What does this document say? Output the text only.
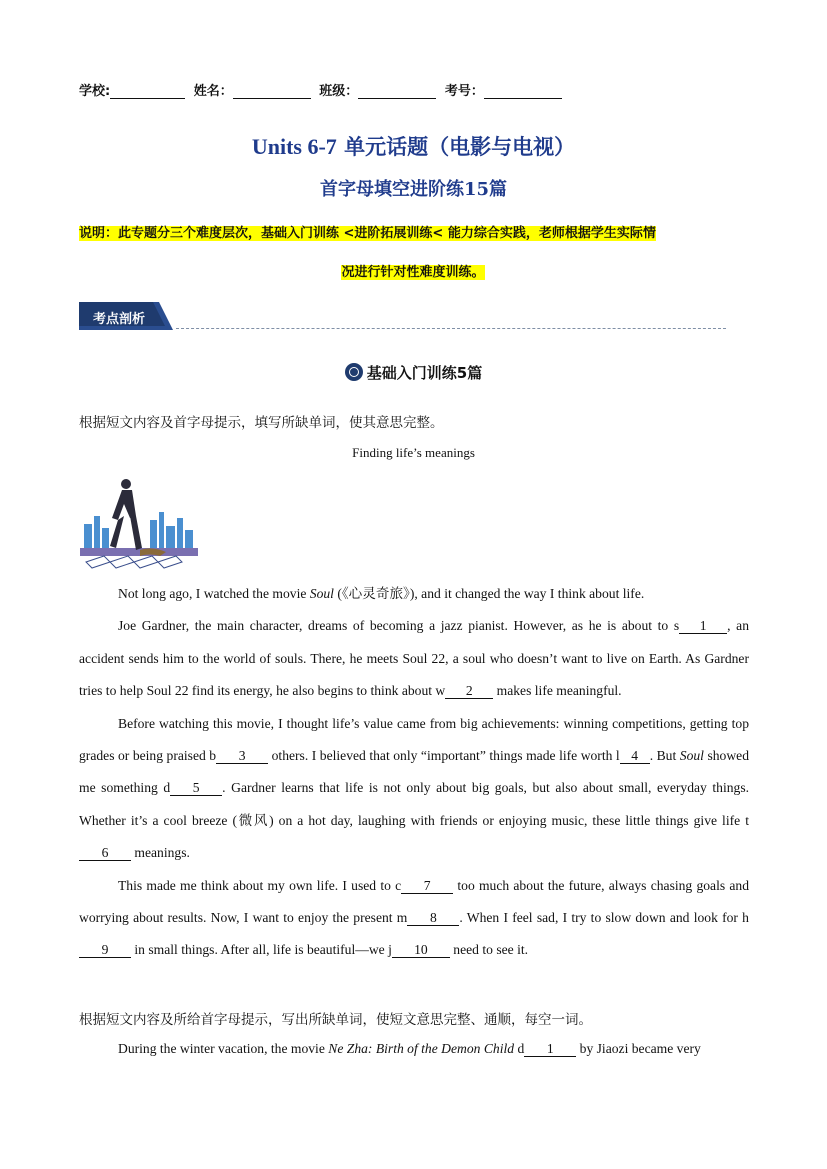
学校:	姓名：	班级：	考号：
Units 6-7 单元话题（电影与电视）
首字母填空进阶练15篇
说明：此专题分三个难度层次，基础入门训练 <进阶拓展训练< 能力综合实践，老师根据学生实际情
况进行针对性难度训练。
考点剖析
基础入门训练5篇
根据短文内容及首字母提示，填写所缺单词，使其意思完整。
Finding life’s meanings

Not long ago, I watched the movie Soul (《心灵奇旅》), and it changed the way I think about life.

Joe Gardner, the main character, dreams of becoming a jazz pianist. However, as he is about to s 1 , an accident sends him to the world of souls. There, he meets Soul 22, a soul who doesn’t want to live on Earth. As Gardner tries to help Soul 22 find its energy, he also begins to think about w 2 makes life meaningful.

Before watching this movie, I thought life’s value came from big achievements: winning competitions, getting top grades or being praised b 3 others. I believed that only “important” things made life worth l 4 . But Soul showed me something d 5 . Gardner learns that life is not only about big goals, but also about small, everyday things. Whether it’s a cool breeze (微风) on a hot day, laughing with friends or enjoying music, these little things give life t6 meanings.

This made me think about my own life. I used to c 7 too much about the future, always chasing goals and worrying about results. Now, I want to enjoy the present m 8 . When I feel sad, I try to slow down and look for h9 in small things. After all, life is beautiful—we j 10 need to see it.

根据短文内容及所给首字母提示，写出所缺单词，使短文意思完整、通顺，每空一词。

During the winter vacation, the movie Ne Zha: Birth of the Demon Child d 1 by Jiaozi became very
